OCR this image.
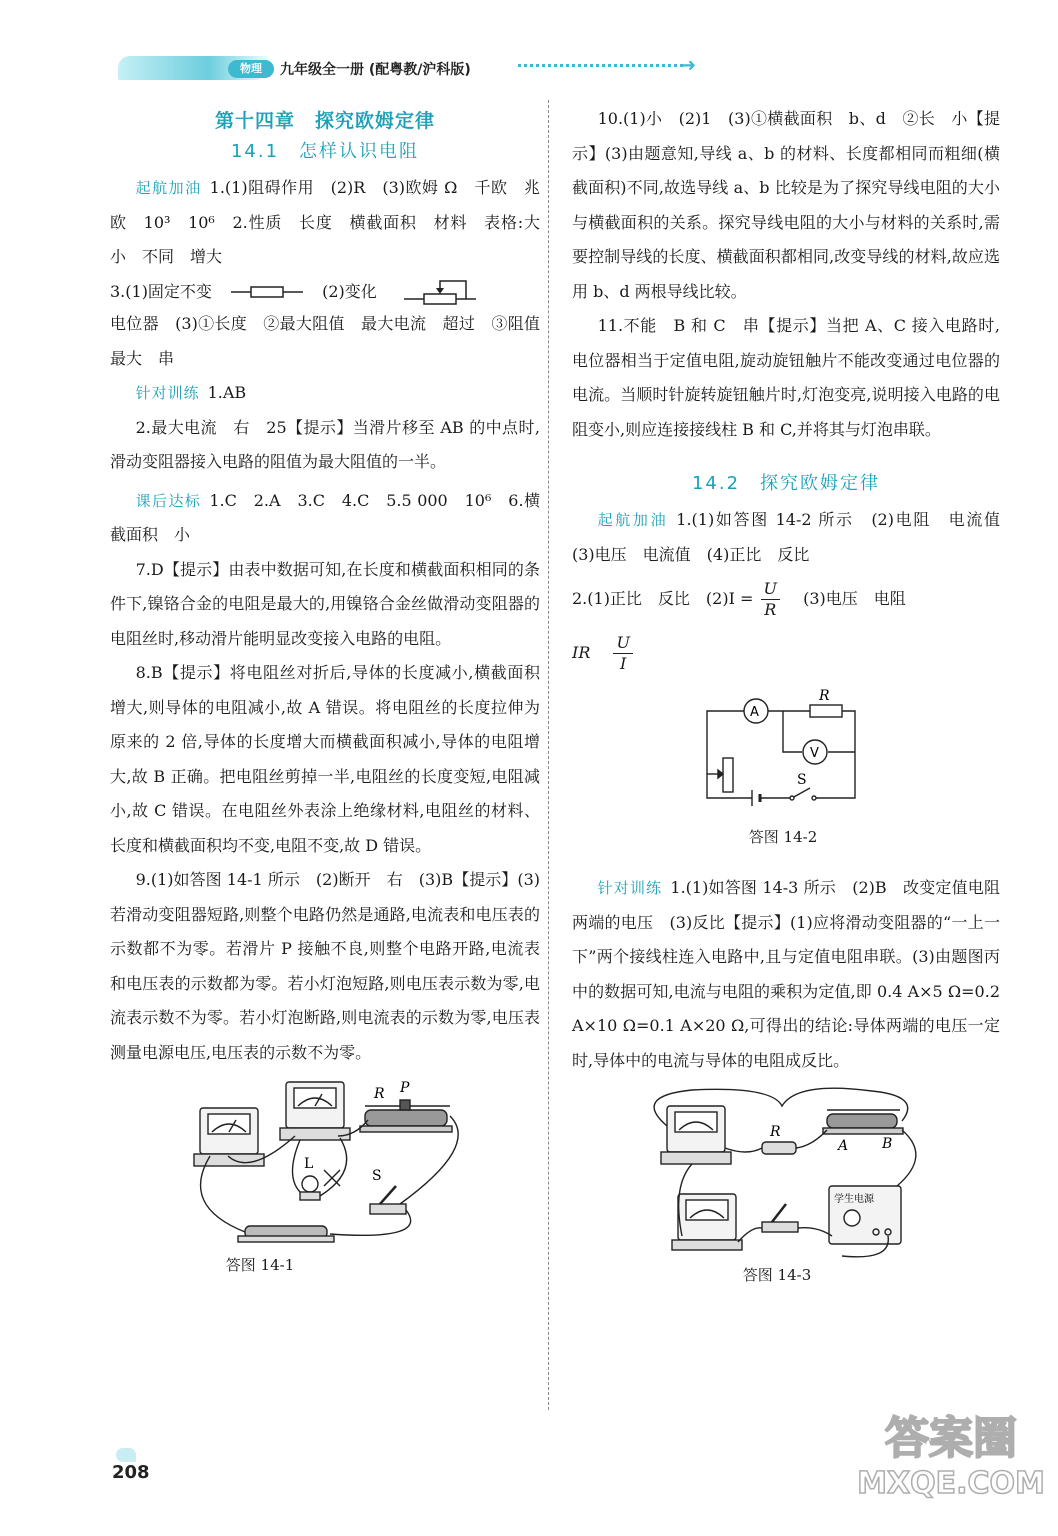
物理	九年级全一册 (配粤教/沪科版)	➜
第十四章　探究欧姆定律
14.1　怎样认识电阻

起航加油 1.(1)阻碍作用　(2)R　(3)欧姆 Ω　千欧　兆欧　10³　10⁶　2.性质　长度　横截面积　材料　表格:大　小　不同　增大

3.(1)固定不变	(2)变化

电位器　(3)①长度　②最大阻值　最大电流　超过　③阻值最大　串

针对训练 1.AB

2.最大电流　右　25【提示】当滑片移至 AB 的中点时,滑动变阻器接入电路的阻值为最大阻值的一半。

课后达标 1.C　2.A　3.C　4.C　5.5 000　10⁶　6.横截面积　小

7.D【提示】由表中数据可知,在长度和横截面积相同的条件下,镍铬合金的电阻是最大的,用镍铬合金丝做滑动变阻器的电阻丝时,移动滑片能明显改变接入电路的电阻。

8.B【提示】将电阻丝对折后,导体的长度减小,横截面积增大,则导体的电阻减小,故 A 错误。将电阻丝的长度拉伸为原来的 2 倍,导体的长度增大而横截面积减小,导体的电阻增大,故 B 正确。把电阻丝剪掉一半,电阻丝的长度变短,电阻减小,故 C 错误。在电阻丝外表涂上绝缘材料,电阻丝的材料、长度和横截面积均不变,电阻不变,故 D 错误。

9.(1)如答图 14-1 所示　(2)断开　右　(3)B【提示】(3)若滑动变阻器短路,则整个电路仍然是通路,电流表和电压表的示数都不为零。若滑片 P 接触不良,则整个电路开路,电流表和电压表的示数都为零。若小灯泡短路,则电压表示数为零,电流表示数不为零。若小灯泡断路,则电流表的示数为零,电压表测量电源电压,电压表的示数不为零。

R P
L
S
答图 14-1

10.(1)小　(2)1　(3)①横截面积　b、d　②长　小【提示】(3)由题意知,导线 a、b 的材料、长度都相同而粗细(横截面积)不同,故选导线 a、b 比较是为了探究导线电阻的大小与横截面积的关系。探究导线电阻的大小与材料的关系时,需要控制导线的长度、横截面积都相同,改变导线的材料,故应选用 b、d 两根导线比较。

11.不能　B 和 C　串【提示】当把 A、C 接入电路时,电位器相当于定值电阻,旋动旋钮触片不能改变通过电位器的电流。当顺时针旋转旋钮触片时,灯泡变亮,说明接入电路的电阻变小,则应连接接线柱 B 和 C,并将其与灯泡串联。

14.2　探究欧姆定律

起航加油 1.(1)如答图 14-2 所示　(2)电阻　电流值　(3)电压　电流值　(4)正比　反比

2.(1)正比　反比　$(2)I = \frac{U}{R} (3)$电压　电阻

IR $\frac{U}{I}$

A
V
R
S
答图 14-2

针对训练 1.(1)如答图 14-3 所示　(2)B　改变定值电阻两端的电压　(3)反比【提示】(1)应将滑动变阻器的“一上一下”两个接线柱连入电路中,且与定值电阻串联。(3)由题图丙中的数据可知,电流与电阻的乘积为定值,即 0.4 A×5 Ω=0.2 A×10 Ω=0.1 A×20 Ω,可得出的结论:导体两端的电压一定时,导体中的电流与导体的电阻成反比。

R
A B
学生电源
答图 14-3
208
答案圈
MXQE.COM
